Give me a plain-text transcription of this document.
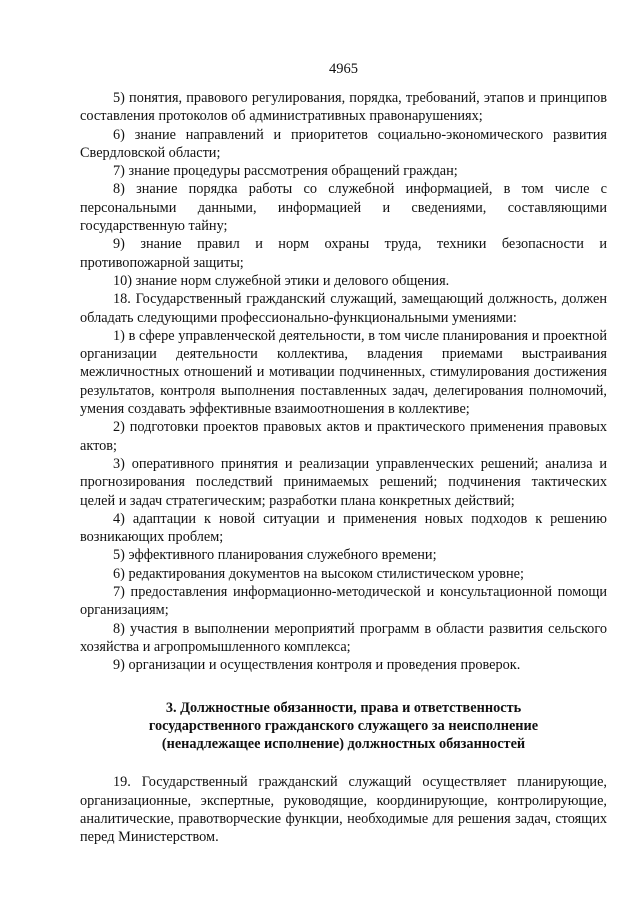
4965

5) понятия, правового регулирования, порядка, требований, этапов и принципов составления протоколов об административных правонарушениях;

6) знание направлений и приоритетов социально-экономического развития Свердловской области;

7) знание процедуры рассмотрения обращений граждан;

8) знание порядка работы со служебной информацией, в том числе с персональными данными, информацией и сведениями, составляющими государственную тайну;

9) знание правил и норм охраны труда, техники безопасности и противопожарной защиты;

10) знание норм служебной этики и делового общения.

18. Государственный гражданский служащий, замещающий должность, должен обладать следующими профессионально-функциональными умениями:

1) в сфере управленческой деятельности, в том числе планирования и проектной организации деятельности коллектива, владения приемами выстраивания межличностных отношений и мотивации подчиненных, стимулирования достижения результатов, контроля выполнения поставленных задач, делегирования полномочий, умения создавать эффективные взаимоотношения в коллективе;

2) подготовки проектов правовых актов и практического применения правовых актов;

3) оперативного принятия и реализации управленческих решений; анализа и прогнозирования последствий принимаемых решений; подчинения тактических целей и задач стратегическим; разработки плана конкретных действий;

4) адаптации к новой ситуации и применения новых подходов к решению возникающих проблем;

5) эффективного планирования служебного времени;

6) редактирования документов на высоком стилистическом уровне;

7) предоставления информационно-методической и консультационной помощи организациям;

8) участия в выполнении мероприятий программ в области развития сельского хозяйства и агропромышленного комплекса;

9) организации и осуществления контроля и проведения проверок.

3. Должностные обязанности, права и ответственность
государственного гражданского служащего за неисполнение
(ненадлежащее исполнение) должностных обязанностей

19. Государственный гражданский служащий осуществляет планирующие, организационные, экспертные, руководящие, координирующие, контролирующие, аналитические, правотворческие функции, необходимые для решения задач, стоящих перед Министерством.
